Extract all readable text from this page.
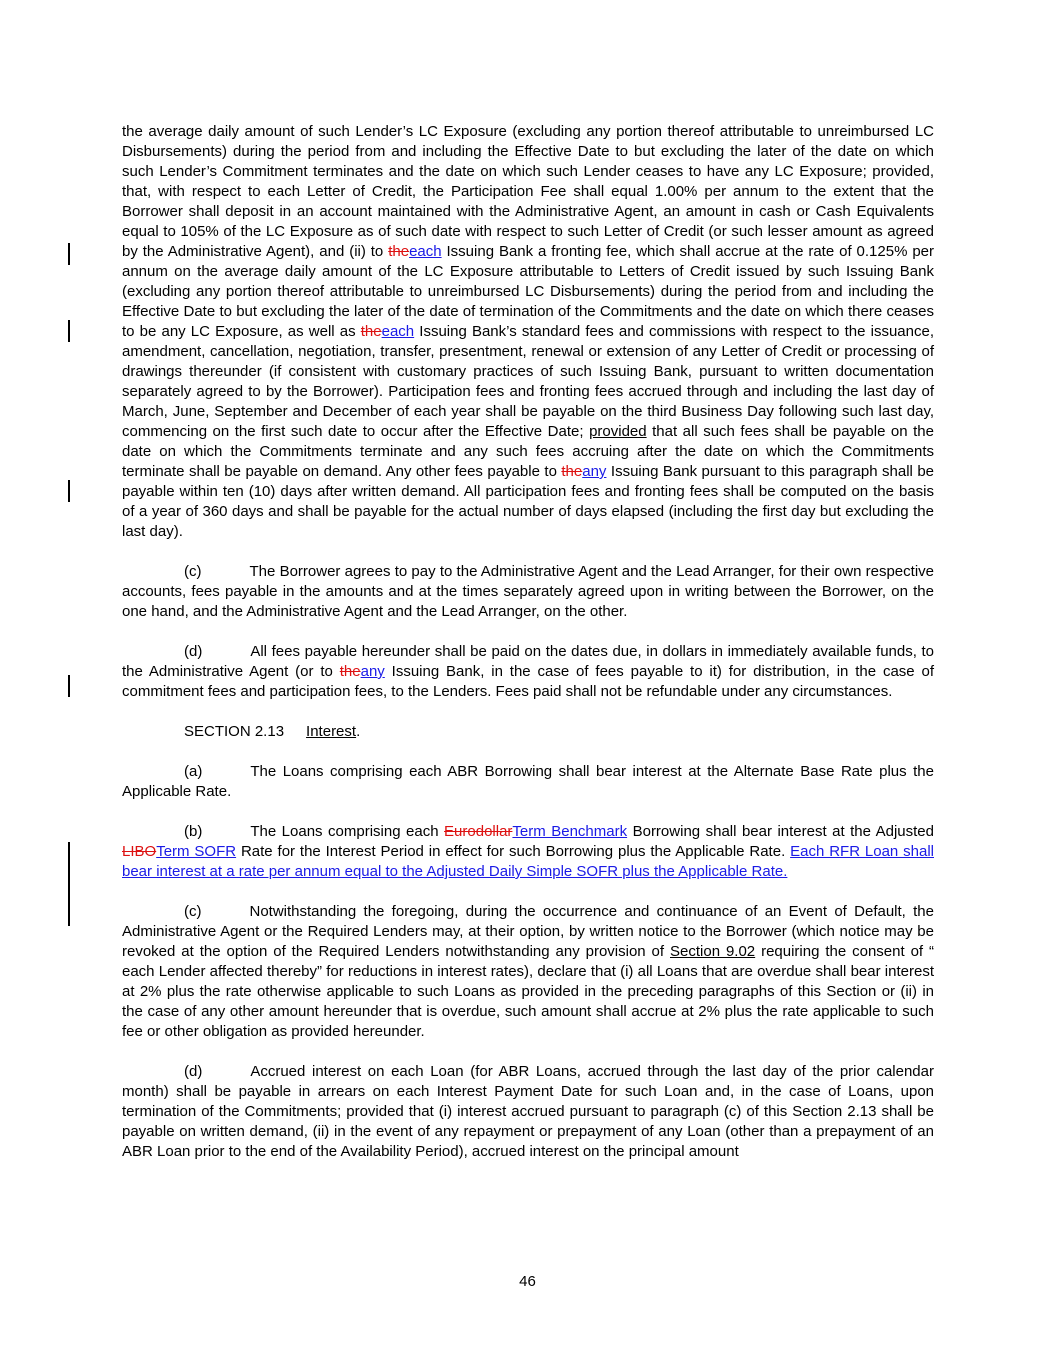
the average daily amount of such Lender’s LC Exposure (excluding any portion thereof attributable to unreimbursed LC Disbursements) during the period from and including the Effective Date to but excluding the later of the date on which such Lender’s Commitment terminates and the date on which such Lender ceases to have any LC Exposure; provided, that, with respect to each Letter of Credit, the Participation Fee shall equal 1.00% per annum to the extent that the Borrower shall deposit in an account maintained with the Administrative Agent, an amount in cash or Cash Equivalents equal to 105% of the LC Exposure as of such date with respect to such Letter of Credit (or such lesser amount as agreed by the Administrative Agent), and (ii) to theeach Issuing Bank a fronting fee, which shall accrue at the rate of 0.125% per annum on the average daily amount of the LC Exposure attributable to Letters of Credit issued by such Issuing Bank (excluding any portion thereof attributable to unreimbursed LC Disbursements) during the period from and including the Effective Date to but excluding the later of the date of termination of the Commitments and the date on which there ceases to be any LC Exposure, as well as theeach Issuing Bank’s standard fees and commissions with respect to the issuance, amendment, cancellation, negotiation, transfer, presentment, renewal or extension of any Letter of Credit or processing of drawings thereunder (if consistent with customary practices of such Issuing Bank, pursuant to written documentation separately agreed to by the Borrower). Participation fees and fronting fees accrued through and including the last day of March, June, September and December of each year shall be payable on the third Business Day following such last day, commencing on the first such date to occur after the Effective Date; provided that all such fees shall be payable on the date on which the Commitments terminate and any such fees accruing after the date on which the Commitments terminate shall be payable on demand. Any other fees payable to theany Issuing Bank pursuant to this paragraph shall be payable within ten (10) days after written demand. All participation fees and fronting fees shall be computed on the basis of a year of 360 days and shall be payable for the actual number of days elapsed (including the first day but excluding the last day).

(c)	The Borrower agrees to pay to the Administrative Agent and the Lead Arranger, for their own respective accounts, fees payable in the amounts and at the times separately agreed upon in writing between the Borrower, on the one hand, and the Administrative Agent and the Lead Arranger, on the other.

(d)	All fees payable hereunder shall be paid on the dates due, in dollars in immediately available funds, to the Administrative Agent (or to theany Issuing Bank, in the case of fees payable to it) for distribution, in the case of commitment fees and participation fees, to the Lenders. Fees paid shall not be refundable under any circumstances.

SECTION 2.13 Interest.

(a)	The Loans comprising each ABR Borrowing shall bear interest at the Alternate Base Rate plus the Applicable Rate.

(b)	The Loans comprising each EurodollarTerm Benchmark Borrowing shall bear interest at the Adjusted LIBOTerm SOFR Rate for the Interest Period in effect for such Borrowing plus the Applicable Rate. Each RFR Loan shall bear interest at a rate per annum equal to the Adjusted Daily Simple SOFR plus the Applicable Rate.

(c)	Notwithstanding the foregoing, during the occurrence and continuance of an Event of Default, the Administrative Agent or the Required Lenders may, at their option, by written notice to the Borrower (which notice may be revoked at the option of the Required Lenders notwithstanding any provision of Section 9.02 requiring the consent of “ each Lender affected thereby” for reductions in interest rates), declare that (i) all Loans that are overdue shall bear interest at 2% plus the rate otherwise applicable to such Loans as provided in the preceding paragraphs of this Section or (ii) in the case of any other amount hereunder that is overdue, such amount shall accrue at 2% plus the rate applicable to such fee or other obligation as provided hereunder.

(d)	Accrued interest on each Loan (for ABR Loans, accrued through the last day of the prior calendar month) shall be payable in arrears on each Interest Payment Date for such Loan and, in the case of Loans, upon termination of the Commitments; provided that (i) interest accrued pursuant to paragraph (c) of this Section 2.13 shall be payable on written demand, (ii) in the event of any repayment or prepayment of any Loan (other than a prepayment of an ABR Loan prior to the end of the Availability Period), accrued interest on the principal amount

46
